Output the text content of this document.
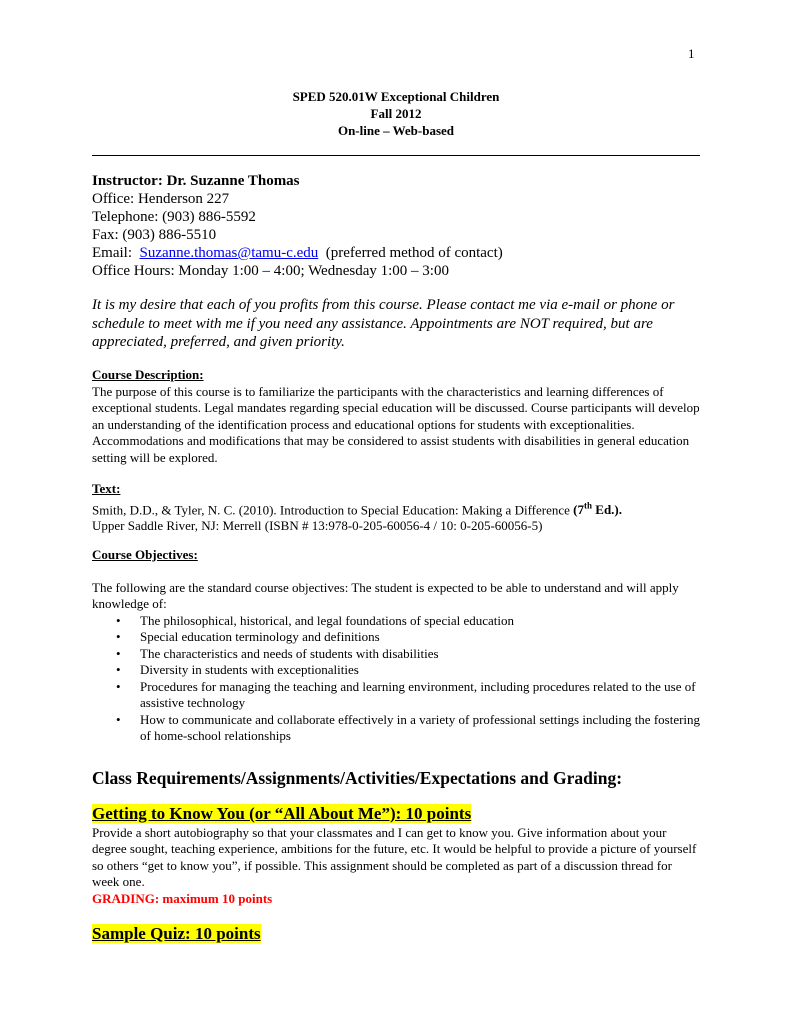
1
SPED 520.01W Exceptional Children
Fall 2012
On-line – Web-based
Instructor: Dr. Suzanne Thomas
Office: Henderson 227
Telephone: (903) 886-5592
Fax: (903) 886-5510
Email:  Suzanne.thomas@tamu-c.edu  (preferred method of contact)
Office Hours: Monday 1:00 – 4:00; Wednesday 1:00 – 3:00
It is my desire that each of you profits from this course. Please contact me via e-mail or phone or schedule to meet with me if you need any assistance. Appointments are NOT required, but are appreciated, preferred, and given priority.
Course Description:
The purpose of this course is to familiarize the participants with the characteristics and learning differences of exceptional students. Legal mandates regarding special education will be discussed. Course participants will develop an understanding of the identification process and educational options for students with exceptionalities. Accommodations and modifications that may be considered to assist students with disabilities in general education setting will be explored.
Text:
Smith, D.D., & Tyler, N. C. (2010). Introduction to Special Education: Making a Difference (7th Ed.).
Upper Saddle River, NJ: Merrell (ISBN # 13:978-0-205-60056-4 / 10: 0-205-60056-5)
Course Objectives:
The following are the standard course objectives: The student is expected to be able to understand and will apply knowledge of:
• The philosophical, historical, and legal foundations of special education
• Special education terminology and definitions
• The characteristics and needs of students with disabilities
• Diversity in students with exceptionalities
• Procedures for managing the teaching and learning environment, including procedures related to the use of assistive technology
• How to communicate and collaborate effectively in a variety of professional settings including the fostering of home-school relationships
Class Requirements/Assignments/Activities/Expectations and Grading:
Getting to Know You (or “All About Me”): 10 points
Provide a short autobiography so that your classmates and I can get to know you. Give information about your degree sought, teaching experience, ambitions for the future, etc. It would be helpful to provide a picture of yourself so others “get to know you”, if possible. This assignment should be completed as part of a discussion thread for week one.
GRADING: maximum 10 points
Sample Quiz: 10 points
